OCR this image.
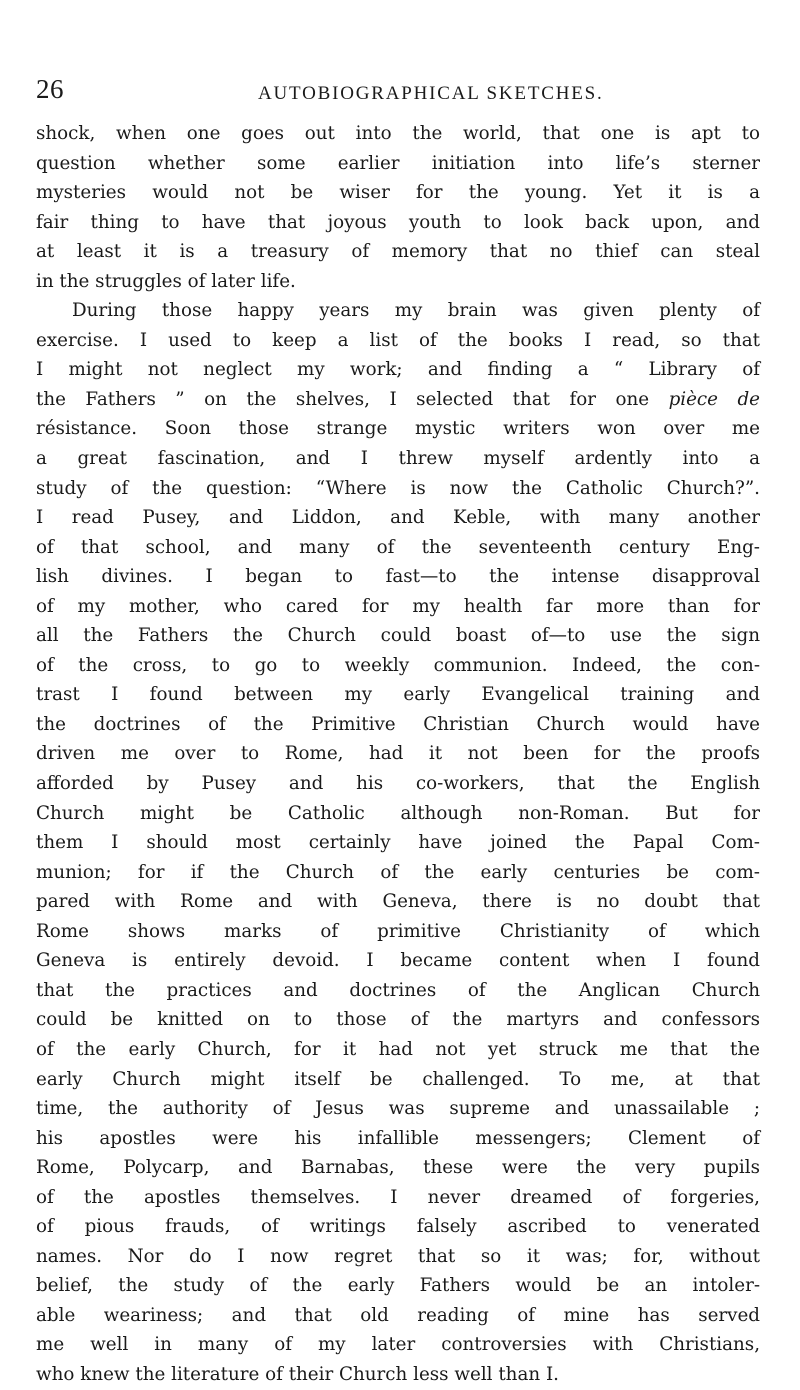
26	AUTOBIOGRAPHICAL SKETCHES.
shock, when one goes out into the world, that one is apt to
question whether some earlier initiation into life’s sterner
mysteries would not be wiser for the young. Yet it is a
fair thing to have that joyous youth to look back upon, and
at least it is a treasury of memory that no thief can steal
in the struggles of later life.
During those happy years my brain was given plenty of
exercise. I used to keep a list of the books I read, so that
I might not neglect my work; and finding a “ Library of
the Fathers ” on the shelves, I selected that for one pièce de
résistance. Soon those strange mystic writers won over me
a great fascination, and I threw myself ardently into a
study of the question: “Where is now the Catholic Church?”.
I read Pusey, and Liddon, and Keble, with many another
of that school, and many of the seventeenth century Eng-
lish divines. I began to fast—to the intense disapproval
of my mother, who cared for my health far more than for
all the Fathers the Church could boast of—to use the sign
of the cross, to go to weekly communion. Indeed, the con-
trast I found between my early Evangelical training and
the doctrines of the Primitive Christian Church would have
driven me over to Rome, had it not been for the proofs
afforded by Pusey and his co-workers, that the English
Church might be Catholic although non-Roman. But for
them I should most certainly have joined the Papal Com-
munion; for if the Church of the early centuries be com-
pared with Rome and with Geneva, there is no doubt that
Rome shows marks of primitive Christianity of which
Geneva is entirely devoid. I became content when I found
that the practices and doctrines of the Anglican Church
could be knitted on to those of the martyrs and confessors
of the early Church, for it had not yet struck me that the
early Church might itself be challenged. To me, at that
time, the authority of Jesus was supreme and unassailable ;
his apostles were his infallible messengers; Clement of
Rome, Polycarp, and Barnabas, these were the very pupils
of the apostles themselves. I never dreamed of forgeries,
of pious frauds, of writings falsely ascribed to venerated
names. Nor do I now regret that so it was; for, without
belief, the study of the early Fathers would be an intoler-
able weariness; and that old reading of mine has served
me well in many of my later controversies with Christians,
who knew the literature of their Church less well than I.
